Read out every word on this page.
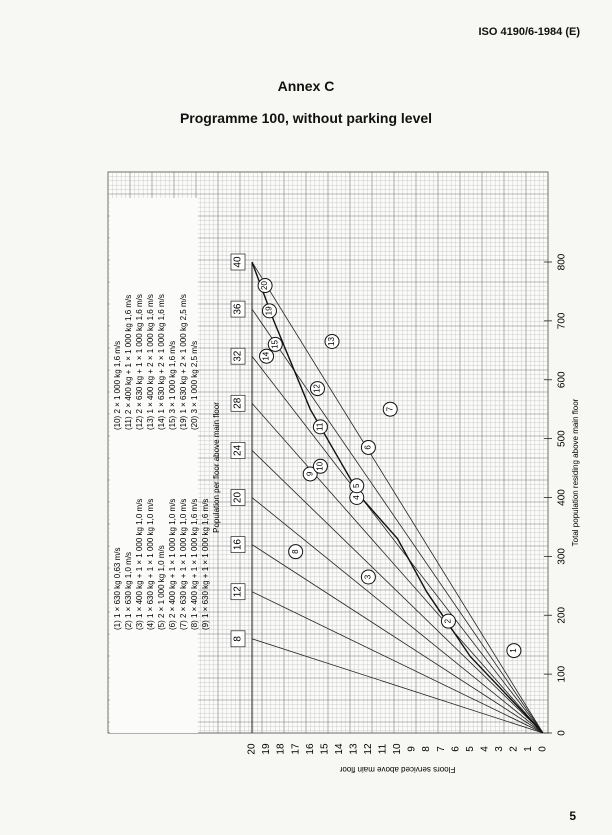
ISO 4190/6-1984 (E)
Annex C
Programme 100, without parking level
8
12
16
20
24
28
32
36
40
Population per floor above main floor
1
2
3
4
5
6
7
8
9
10
11
12
13
14
15
19
20
(1) 1 × 630 kg 0,63 m/s (2) 1 × 630 kg 1,0 m/s (3) 1 × 400 kg + 1 × 1 000 kg 1,0 m/s (4) 1 × 630 kg + 1 × 1 000 kg 1,0 m/s (5) 2 × 1 000 kg 1,0 m/s (6) 2 × 400 kg + 1 × 1 000 kg 1,0 m/s (7) 2 × 630 kg + 1 × 1 000 kg 1,0 m/s (8) 1 × 400 kg + 1 × 1 000 kg 1,6 m/s (9) 1 × 630 kg + 1 × 1 000 kg 1,6 m/s
(10) 2 × 1 000 kg 1,6 m/s (11) 2 × 400 kg + 1 × 1 000 kg 1,6 m/s (12) 2 × 630 kg + 1 × 1 000 kg 1,6 m/s (13) 1 × 400 kg + 2 × 1 000 kg 1,6 m/s (14) 1 × 630 kg + 2 × 1 000 kg 1,6 m/s (15) 3 × 1 000 kg 1,6 m/s (19) 1 × 630 kg + 2 × 1 000 kg 2,5 m/s (20) 3 × 1 000 kg 2,5 m/s
0
1
2
3
4
5
6
7
8
9
10
11
12
13
14
15
16
17
18
19
20
0
100
200
300
400
500
600
700
800
Total population residing above main floor
Floors serviced above main floor
5
